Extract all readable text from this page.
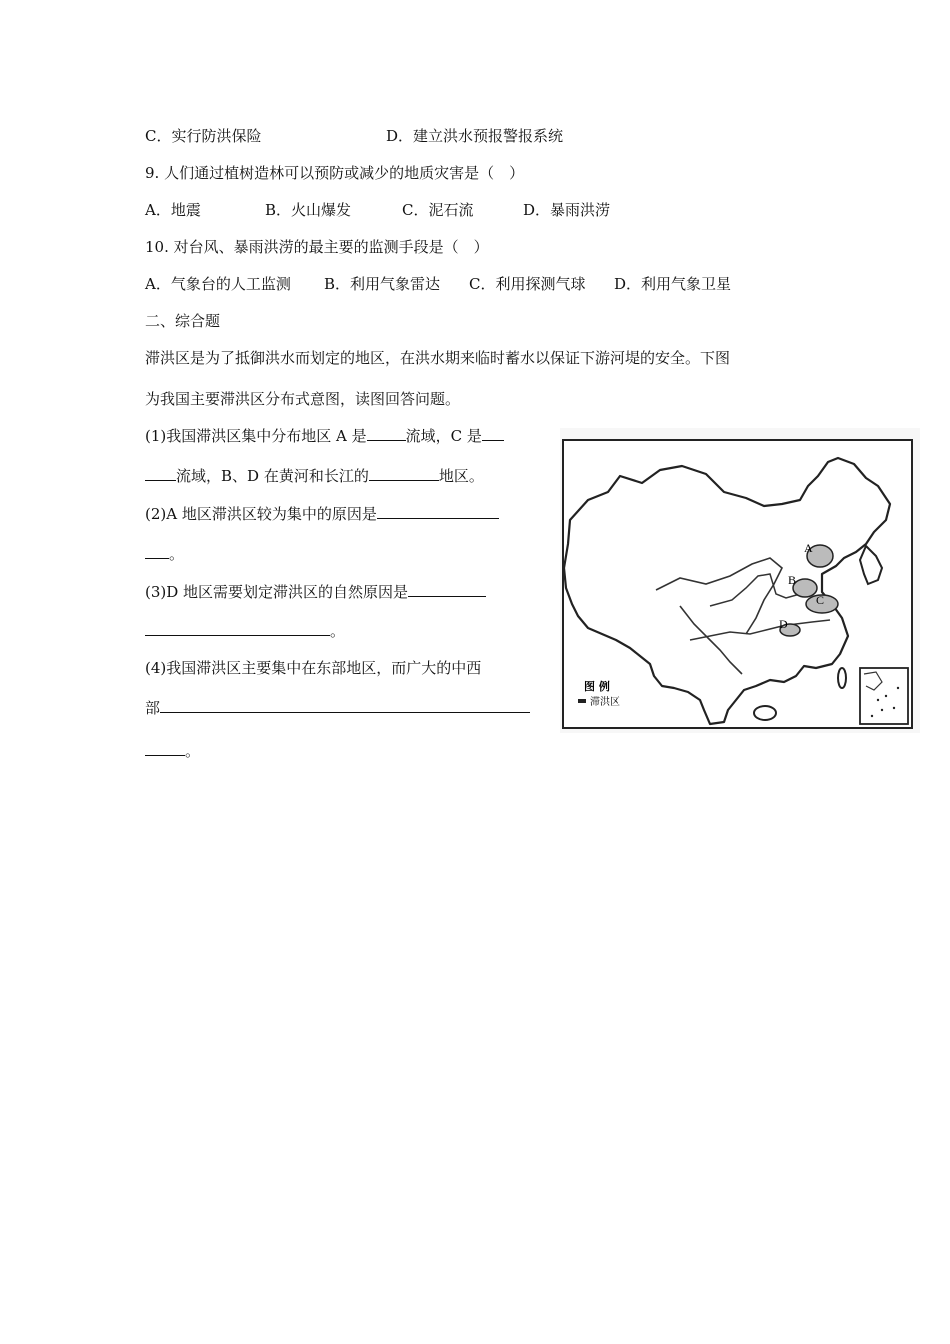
C．实行防洪保险	D．建立洪水预报警报系统
9. 人们通过植树造林可以预防或减少的地质灾害是（　）
A．地震	B．火山爆发	C．泥石流	D．暴雨洪涝
10. 对台风、暴雨洪涝的最主要的监测手段是（　）
A．气象台的人工监测 B．利用气象雷达 C．利用探测气球 D．利用气象卫星
二、综合题
滞洪区是为了抵御洪水而划定的地区，在洪水期来临时蓄水以保证下游河堤的安全。下图
为我国主要滞洪区分布式意图，读图回答问题。
(1)我国滞洪区集中分布地区 A 是	流域，C 是
流域，B、D 在黄河和长江的	地区。
(2)A 地区滞洪区较为集中的原因是
。
(3)D 地区需要划定滞洪区的自然原因是
。
(4)我国滞洪区主要集中在东部地区，而广大的中西
部
。
A
B
C
D
图 例
滞洪区
